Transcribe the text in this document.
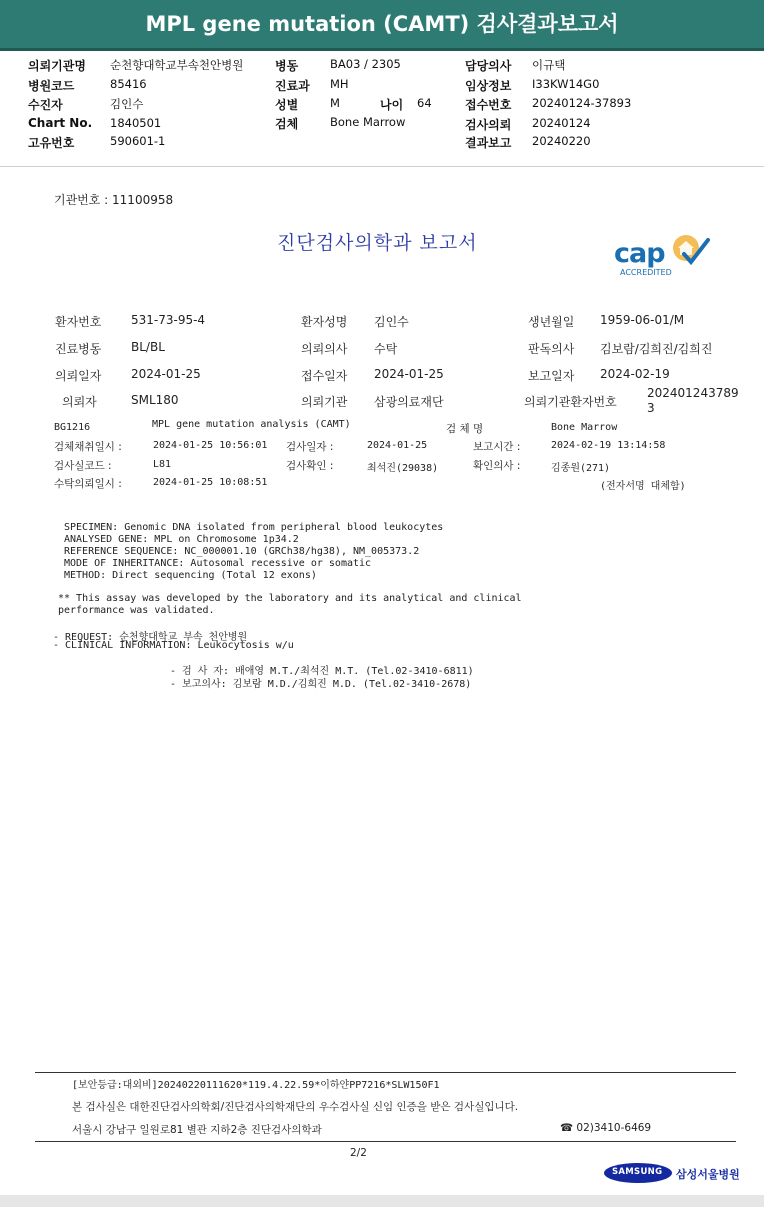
MPL gene mutation (CAMT) 검사결과보고서
의뢰기관명 순천향대학교부속천안병원
병원코드	85416
수진자	김인수
Chart No. 1840501
고유번호	590601-1
병동	BA03 / 2305
진료과 MH
성별	M	나이 64
검체	Bone Marrow
담당의사 이규택
임상정보 I33KW14G0
접수번호 20240124-37893
검사의뢰 20240124
결과보고 20240220
기관번호 : 11100958
진단검사의학과 보고서	cap
ACCREDITED
환자번호 531-73-95-4	환자성명 김인수	생년월일 1959-06-01/M
진료병동 BL/BL	의뢰의사 수탁	판독의사 김보람/김희진/김희진
의뢰일자 2024-01-25	접수일자 2024-01-25	보고일자 2024-02-19
의뢰자	SML180	의뢰기관 삼광의료재단	의뢰기관환자번호
202401243789
3
BG1216	MPL gene mutation analysis (CAMT)	검 체 명	Bone Marrow
검체채취일시 :	2024-01-25 10:56:01 검사일자 :	2024-01-25	보고시간 :	2024-02-19 13:14:58
검사실코드 :	L81	검사확인 :	최석진(29038)	확인의사 :	김종원(271)
수탁의뢰일시 :	2024-01-25 10:08:51	(전자서명 대체함)
SPECIMEN: Genomic DNA isolated from peripheral blood leukocytes
ANALYSED GENE: MPL on Chromosome 1p34.2
REFERENCE SEQUENCE: NC_000001.10 (GRCh38/hg38), NM_005373.2
MODE OF INHERITANCE: Autosomal recessive or somatic
METHOD: Direct sequencing (Total 12 exons)
** This assay was developed by the laboratory and its analytical and clinical
performance was validated.
- REQUEST: 순천향대학교 부속 천안병원
- CLINICAL INFORMATION: Leukocytosis w/u
- 검 사 자: 배애영 M.T./최석진 M.T. (Tel.02-3410-6811)
- 보고의사: 김보람 M.D./김희진 M.D. (Tel.02-3410-2678)
[보안등급:대외비]20240220111620*119.4.22.59*이하얀PP7216*SLW150F1
본 검사실은 대한진단검사의학회/진단검사의학재단의 우수검사실 신임 인증을 받은 검사실입니다.
서울시 강남구 일원로81 별관 지하2층 진단검사의학과	☎ 02)3410-6469
2/2
SAMSUNG 삼성서울병원
